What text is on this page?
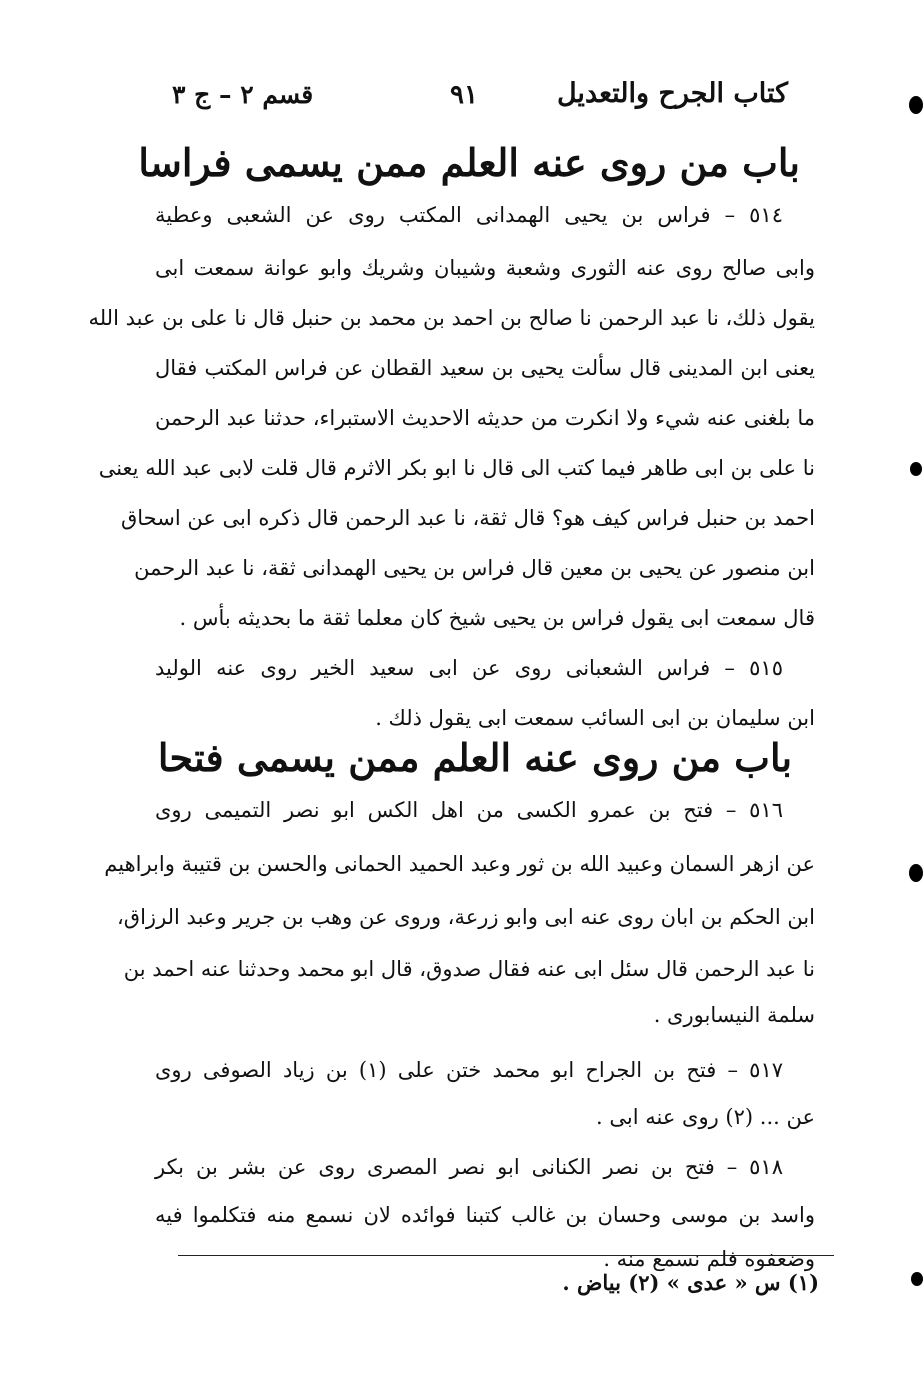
كتاب الجرح والتعديل
٩١
قسم ٢ – ج ٣
باب من روى عنه العلم ممن يسمى فراسا
٥١٤ – فراس بن يحيى الهمدانى المكتب روى عن الشعبى وعطية
وابى صالح روى عنه الثورى وشعبة وشيبان وشريك وابو عوانة سمعت ابى
يقول ذلك، نا عبد الرحمن نا صالح بن احمد بن محمد بن حنبل قال نا على بن عبد الله
يعنى ابن المدينى قال سألت يحيى بن سعيد القطان عن فراس المكتب فقال
ما بلغنى عنه شيء ولا انكرت من حديثه الاحديث الاستبراء، حدثنا عبد الرحمن
نا على بن ابى طاهر فيما كتب الى قال نا ابو بكر الاثرم قال قلت لابى عبد الله يعنى
احمد بن حنبل فراس كيف هو؟ قال ثقة، نا عبد الرحمن قال ذكره ابى عن اسحاق
ابن منصور عن يحيى بن معين قال فراس بن يحيى الهمدانى ثقة، نا عبد الرحمن
قال سمعت ابى يقول فراس بن يحيى شيخ كان معلما ثقة ما بحديثه بأس .
٥١٥ – فراس الشعبانى روى عن ابى سعيد الخير روى عنه الوليد
ابن سليمان بن ابى السائب سمعت ابى يقول ذلك .
باب من روى عنه العلم ممن يسمى فتحا
٥١٦ – فتح بن عمرو الكسى من اهل الكس ابو نصر التميمى روى
عن ازهر السمان وعبيد الله بن ثور وعبد الحميد الحمانى والحسن بن قتيبة وابراهيم
ابن الحكم بن ابان روى عنه ابى وابو زرعة، وروى عن وهب بن جرير وعبد الرزاق،
نا عبد الرحمن قال سئل ابى عنه فقال صدوق، قال ابو محمد وحدثنا عنه احمد بن
سلمة النيسابورى .
٥١٧ – فتح بن الجراح ابو محمد ختن على (١) بن زياد الصوفى روى
عن ... (٢) روى عنه ابى .
٥١٨ – فتح بن نصر الكنانى ابو نصر المصرى روى عن بشر بن بكر
واسد بن موسى وحسان بن غالب كتبنا فوائده لان نسمع منه فتكلموا فيه
وضعفوه فلم نسمع منه .
(١) س « عدى » (٢) بياض .
